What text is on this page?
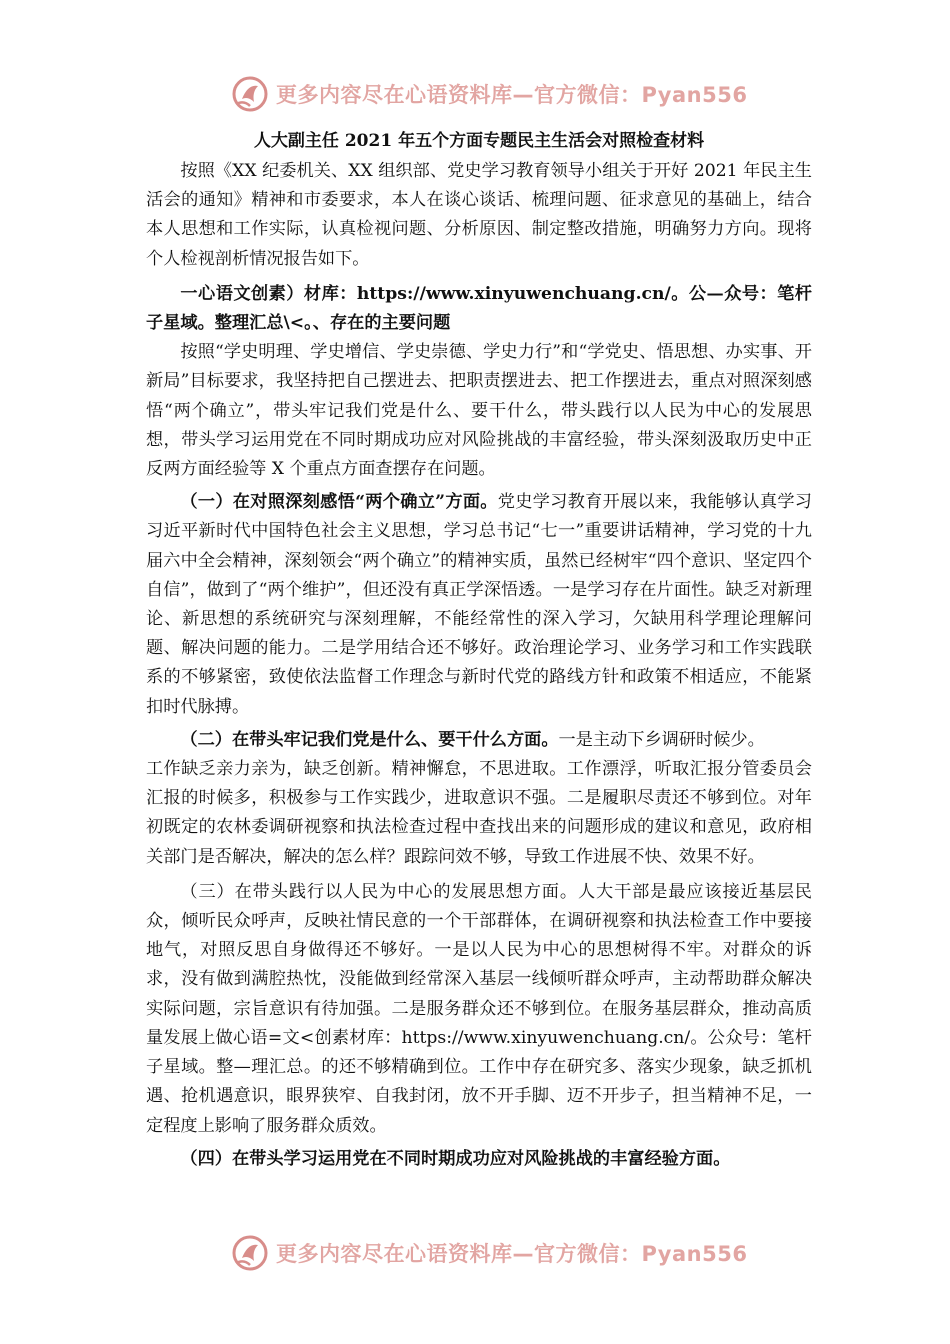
更多内容尽在心语资料库—官方微信：Pyan556

人大副主任 2021 年五个方面专题民主生活会对照检查材料

按照《XX 纪委机关、XX 组织部、党史学习教育领导小组关于开好 2021 年民主生活会的通知》精神和市委要求，本人在谈心谈话、梳理问题、征求意见的基础上，结合本人思想和工作实际，认真检视问题、分析原因、制定整改措施，明确努力方向。现将个人检视剖析情况报告如下。

一心语文创素）材库：https://www.xinyuwenchuang.cn/。公—众号：笔杆子星域。整理汇总\<。、存在的主要问题

按照“学史明理、学史增信、学史崇德、学史力行”和“学党史、悟思想、办实事、开新局”目标要求，我坚持把自己摆进去、把职责摆进去、把工作摆进去，重点对照深刻感悟“两个确立”，带头牢记我们党是什么、要干什么，带头践行以人民为中心的发展思想，带头学习运用党在不同时期成功应对风险挑战的丰富经验，带头深刻汲取历史中正反两方面经验等 X 个重点方面查摆存在问题。

（一）在对照深刻感悟“两个确立”方面。党史学习教育开展以来，我能够认真学习习近平新时代中国特色社会主义思想，学习总书记“七一”重要讲话精神，学习党的十九届六中全会精神，深刻领会“两个确立”的精神实质，虽然已经树牢“四个意识、坚定四个自信”，做到了“两个维护”，但还没有真正学深悟透。一是学习存在片面性。缺乏对新理论、新思想的系统研究与深刻理解，不能经常性的深入学习，欠缺用科学理论理解问题、解决问题的能力。二是学用结合还不够好。政治理论学习、业务学习和工作实践联系的不够紧密，致使依法监督工作理念与新时代党的路线方针和政策不相适应，不能紧扣时代脉搏。

（二）在带头牢记我们党是什么、要干什么方面。一是主动下乡调研时候少。

工作缺乏亲力亲为，缺乏创新。精神懈怠，不思进取。工作漂浮，听取汇报分管委员会汇报的时候多，积极参与工作实践少，进取意识不强。二是履职尽责还不够到位。对年初既定的农林委调研视察和执法检查过程中查找出来的问题形成的建议和意见，政府相关部门是否解决，解决的怎么样？跟踪问效不够，导致工作进展不快、效果不好。

（三）在带头践行以人民为中心的发展思想方面。人大干部是最应该接近基层民众，倾听民众呼声，反映社情民意的一个干部群体，在调研视察和执法检查工作中要接地气，对照反思自身做得还不够好。一是以人民为中心的思想树得不牢。对群众的诉求，没有做到满腔热忱，没能做到经常深入基层一线倾听群众呼声，主动帮助群众解决实际问题，宗旨意识有待加强。二是服务群众还不够到位。在服务基层群众，推动高质量发展上做心语=文<创素材库：https://www.xinyuwenchuang.cn/。公众号：笔杆子星域。整—理汇总。的还不够精确到位。工作中存在研究多、落实少现象，缺乏抓机遇、抢机遇意识，眼界狭窄、自我封闭，放不开手脚、迈不开步子，担当精神不足，一定程度上影响了服务群众质效。

（四）在带头学习运用党在不同时期成功应对风险挑战的丰富经验方面。

更多内容尽在心语资料库—官方微信：Pyan556
